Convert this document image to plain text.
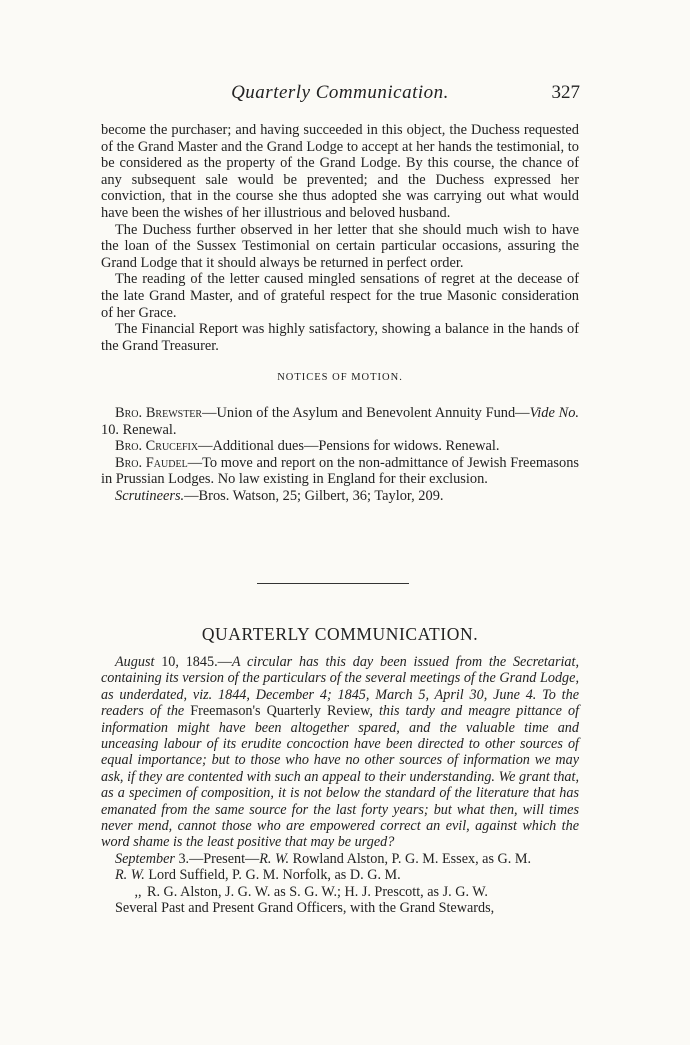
Quarterly Communication.	327

become the purchaser; and having succeeded in this object, the Duchess requested of the Grand Master and the Grand Lodge to accept at her hands the testimonial, to be considered as the property of the Grand Lodge. By this course, the chance of any subsequent sale would be prevented; and the Duchess expressed her conviction, that in the course she thus adopted she was carrying out what would have been the wishes of her illustrious and beloved husband.

The Duchess further observed in her letter that she should much wish to have the loan of the Sussex Testimonial on certain particular occasions, assuring the Grand Lodge that it should always be returned in perfect order.

The reading of the letter caused mingled sensations of regret at the decease of the late Grand Master, and of grateful respect for the true Masonic consideration of her Grace.

The Financial Report was highly satisfactory, showing a balance in the hands of the Grand Treasurer.

NOTICES OF MOTION.

Bro. Brewster—Union of the Asylum and Benevolent Annuity Fund—Vide No. 10. Renewal.

Bro. Crucefix—Additional dues—Pensions for widows. Renewal.

Bro. Faudel—To move and report on the non-admittance of Jewish Freemasons in Prussian Lodges. No law existing in England for their exclusion.

Scrutineers.—Bros. Watson, 25; Gilbert, 36; Taylor, 209.

QUARTERLY COMMUNICATION.

August 10, 1845.—A circular has this day been issued from the Secretariat, containing its version of the particulars of the several meetings of the Grand Lodge, as underdated, viz. 1844, December 4; 1845, March 5, April 30, June 4. To the readers of the Freemason's Quarterly Review, this tardy and meagre pittance of information might have been altogether spared, and the valuable time and unceasing labour of its erudite concoction have been directed to other sources of equal importance; but to those who have no other sources of information we may ask, if they are contented with such an appeal to their understanding. We grant that, as a specimen of composition, it is not below the standard of the literature that has emanated from the same source for the last forty years; but what then, will times never mend, cannot those who are empowered correct an evil, against which the word shame is the least positive that may be urged?

September 3.—Present—R. W. Rowland Alston, P. G. M. Essex, as G. M.

R. W. Lord Suffield, P. G. M. Norfolk, as D. G. M.

,, R. G. Alston, J. G. W. as S. G. W.; H. J. Prescott, as J. G. W.

Several Past and Present Grand Officers, with the Grand Stewards,
